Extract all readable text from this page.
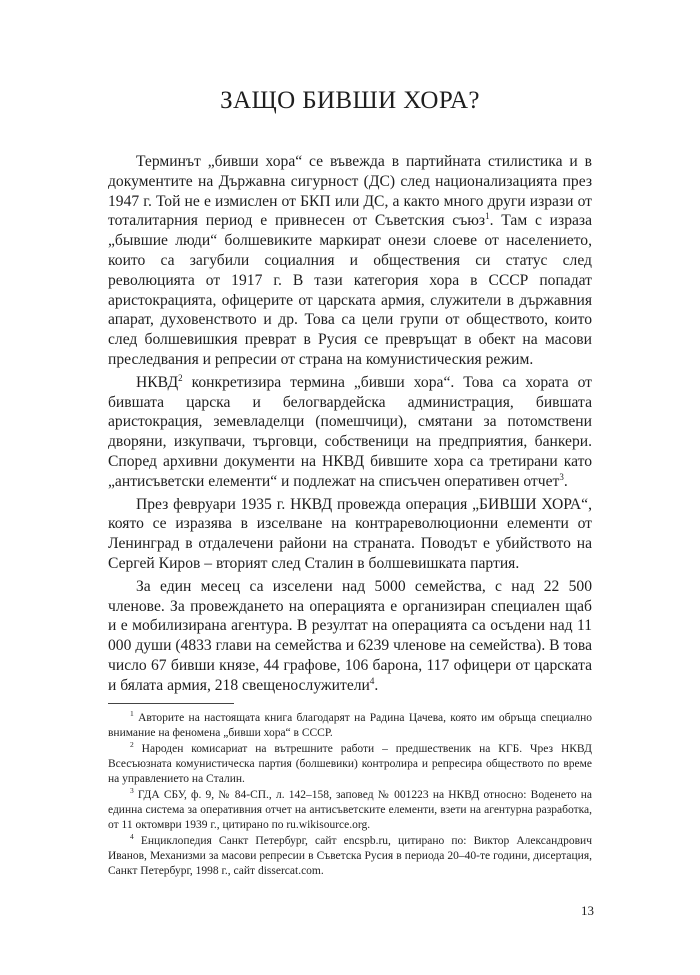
ЗАЩО БИВШИ ХОРА?

Терминът „бивши хора“ се въвежда в партийната стилистика и в документите на Държавна сигурност (ДС) след национализацията през 1947 г. Той не е измислен от БКП или ДС, а както много други изрази от тоталитарния период е привнесен от Съветския съюз$^1$. Там с израза „бывшие люди“ болшевиките маркират онези слоеве от населението, които са загубили социалния и обществения си статус след революцията от 1917 г. В тази категория хора в СССР попадат аристокрацията, офицерите от царската армия, служители в държавния апарат, духовенството и др. Това са цели групи от обществото, които след болшевишкия преврат в Русия се превръщат в обект на масови преследвания и репресии от страна на комунистическия режим.

НКВД$^2$ конкретизира термина „бивши хора“. Това са хората от бившата царска и белогвардейска администрация, бившата аристокрация, земевладелци (помешчици), смятани за потомствени дворяни, изкупвачи, търговци, собственици на предприятия, банкери. Според архивни документи на НКВД бившите хора са третирани като „антисъветски елементи“ и подлежат на списъчен оперативен отчет$^3$.

През февруари 1935 г. НКВД провежда операция „БИВШИ ХОРА“, която се изразява в изселване на контрареволюционни елементи от Ленинград в отдалечени райони на страната. Поводът е убийството на Сергей Киров – вторият след Сталин в болшевишката партия.

За един месец са изселени над 5000 семейства, с над 22 500 членове. За провеждането на операцията е организиран специален щаб и е мобилизирана агентура. В резултат на операцията са осъдени над 11 000 души (4833 глави на семейства и 6239 членове на семейства). В това число 67 бивши князе, 44 графове, 106 барона, 117 офицери от царската и бялата армия, 218 свещенослужители$^4$.

$^1$ Авторите на настоящата книга благодарят на Радина Цачева, която им обръща специално внимание на феномена „бивши хора“ в СССР.

$^2$ Народен комисариат на вътрешните работи – предшественик на КГБ. Чрез НКВД Всесъюзната комунистическа партия (болшевики) контролира и репресира обществото по време на управлението на Сталин.

$^3$ ГДА СБУ, ф. 9, № 84-СП., л. 142–158, заповед № 001223 на НКВД относно: Воденето на единна система за оперативния отчет на антисъветските елементи, взети на агентурна разработка, от 11 октомври 1939 г., цитирано по ru.wikisource.org.

$^4$ Енциклопедия Санкт Петербург, сайт encspb.ru, цитирано по: Виктор Александрович Иванов, Механизми за масови репресии в Съветска Русия в периода 20–40-те години, дисертация, Санкт Петербург, 1998 г., сайт dissercat.com.

13
